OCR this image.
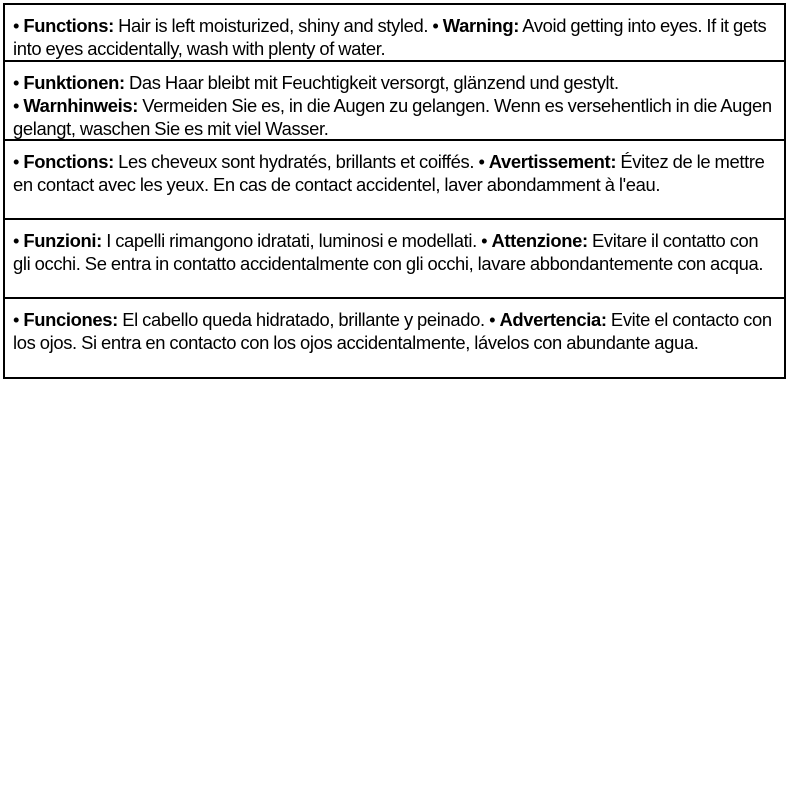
• Functions: Hair is left moisturized, shiny and styled. • Warning: Avoid getting into eyes. If it gets into eyes accidentally, wash with plenty of water.

• Funktionen: Das Haar bleibt mit Feuchtigkeit versorgt, glänzend und gestylt.
• Warnhinweis: Vermeiden Sie es, in die Augen zu gelangen. Wenn es versehentlich in die Augen gelangt, waschen Sie es mit viel Wasser.

• Fonctions: Les cheveux sont hydratés, brillants et coiffés. • Avertissement: Évitez de le mettre en contact avec les yeux. En cas de contact accidentel, laver abondamment à l'eau.

• Funzioni: I capelli rimangono idratati, luminosi e modellati. • Attenzione: Evitare il contatto con gli occhi. Se entra in contatto accidentalmente con gli occhi, lavare abbondantemente con acqua.

• Funciones: El cabello queda hidratado, brillante y peinado. • Advertencia: Evite el contacto con los ojos. Si entra en contacto con los ojos accidentalmente, lávelos con abundante agua.
